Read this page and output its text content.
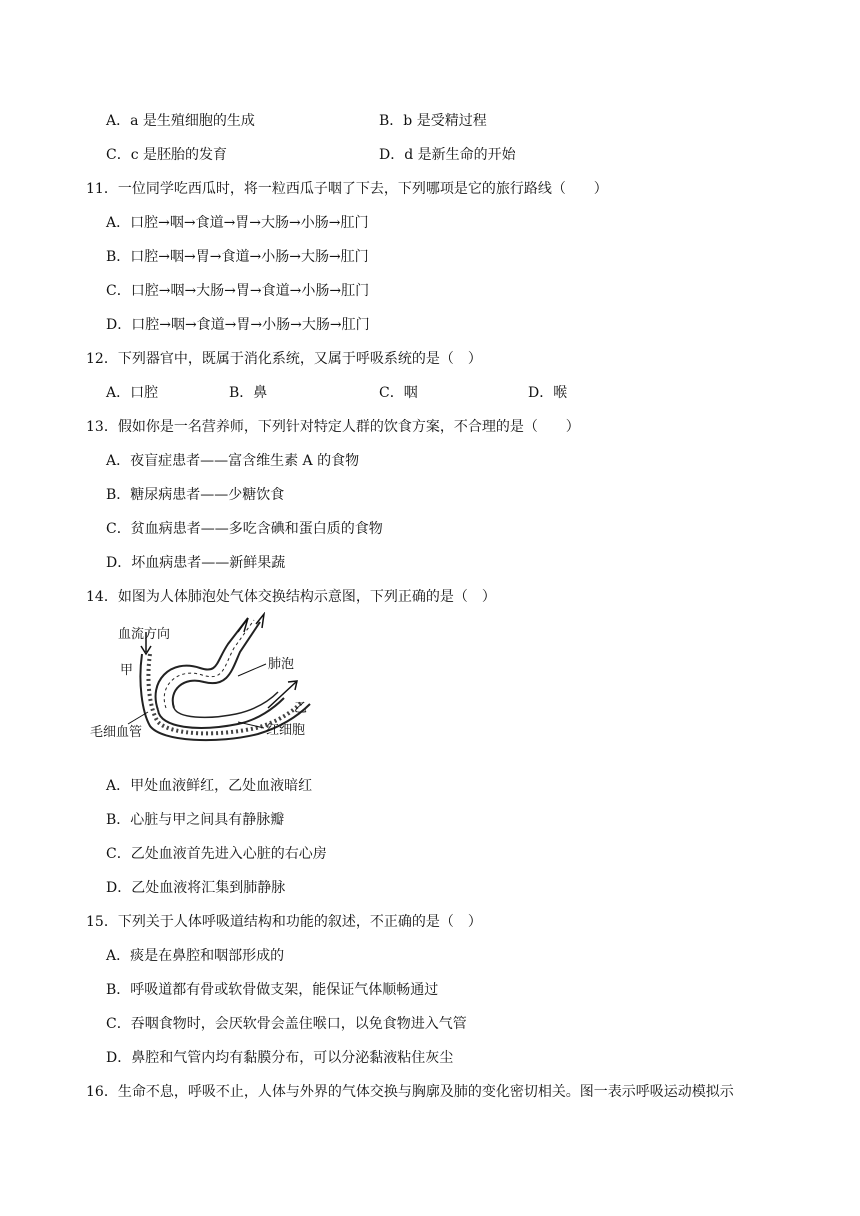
A．a 是生殖细胞的生成	B．b 是受精过程
C．c 是胚胎的发育	D．d 是新生命的开始
11．一位同学吃西瓜时，将一粒西瓜子咽了下去，下列哪项是它的旅行路线（　　）
A．口腔→咽→食道→胃→大肠→小肠→肛门
B．口腔→咽→胃→食道→小肠→大肠→肛门
C．口腔→咽→大肠→胃→食道→小肠→肛门
D．口腔→咽→食道→胃→小肠→大肠→肛门
12．下列器官中，既属于消化系统，又属于呼吸系统的是（　）
A．口腔	B．鼻	C．咽	D．喉
13．假如你是一名营养师，下列针对特定人群的饮食方案，不合理的是（　　）
A．夜盲症患者——富含维生素 A 的食物
B．糖尿病患者——少糖饮食
C．贫血病患者——多吃含碘和蛋白质的食物
D．坏血病患者——新鲜果蔬
14．如图为人体肺泡处气体交换结构示意图，下列正确的是（　）
血流方向
甲	肺泡
乙
毛细血管	红细胞
A．甲处血液鲜红，乙处血液暗红
B．心脏与甲之间具有静脉瓣
C．乙处血液首先进入心脏的右心房
D．乙处血液将汇集到肺静脉
15．下列关于人体呼吸道结构和功能的叙述，不正确的是（　）
A．痰是在鼻腔和咽部形成的
B．呼吸道都有骨或软骨做支架，能保证气体顺畅通过
C．吞咽食物时，会厌软骨会盖住喉口，以免食物进入气管
D．鼻腔和气管内均有黏膜分布，可以分泌黏液粘住灰尘
16．生命不息，呼吸不止，人体与外界的气体交换与胸廓及肺的变化密切相关。图一表示呼吸运动模拟示
